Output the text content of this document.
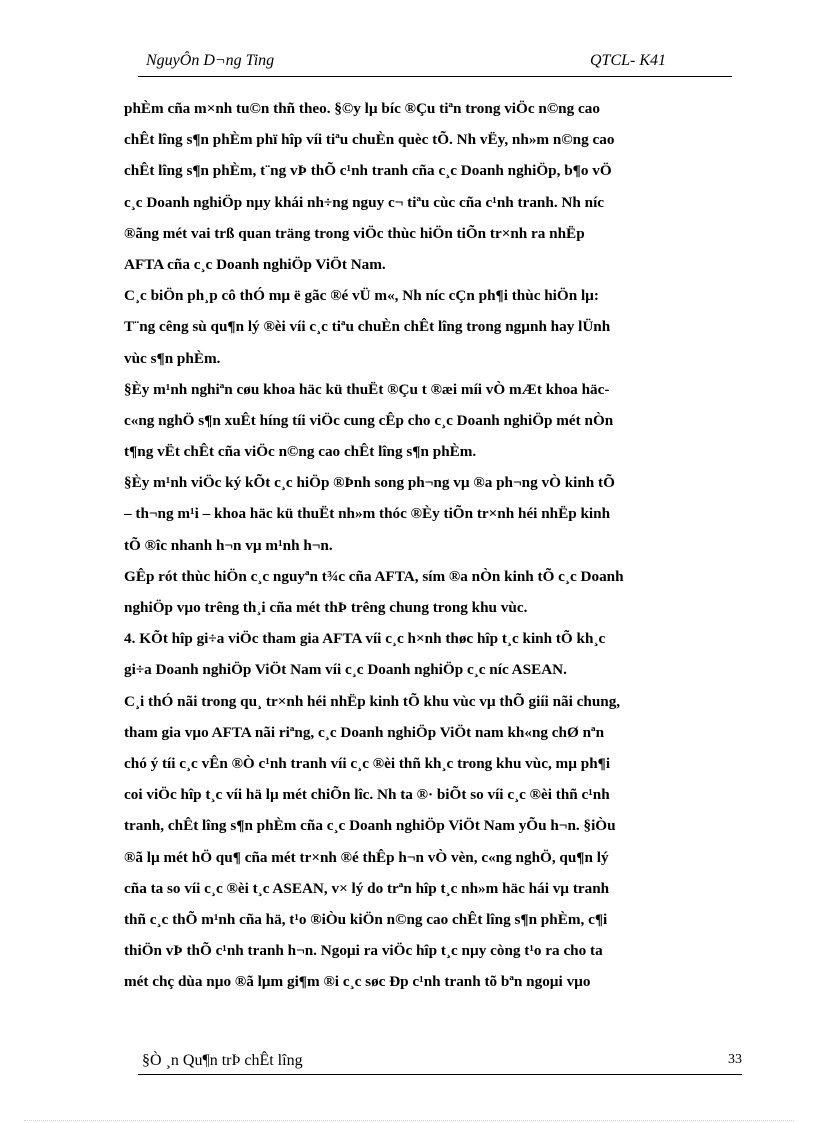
NguyÔn D¬ng Ting	QTCL- K41
phÈm cña m×nh tu©n thñ theo. §©y lµ bíc ®Çu tiªn trong viÖc n©ng cao
chÊt lîng s¶n phÈm phï hîp víi tiªu chuÈn quèc tÕ. Nh vËy, nh»m n©ng cao
chÊt lîng s¶n phÈm, t¨ng vÞ thÕ c¹nh tranh cña c¸c Doanh nghiÖp, b¶o vÖ
c¸c Doanh nghiÖp nµy khái nh÷ng nguy c¬ tiªu cùc cña c¹nh tranh. Nh níc
®ãng mét vai trß quan träng trong viÖc thùc hiÖn tiÕn tr×nh ra nhËp
AFTA cña c¸c Doanh nghiÖp ViÖt Nam.
C¸c biÖn ph¸p cô thÓ mµ ë gãc ®é vÜ m«, Nh níc cÇn ph¶i thùc hiÖn lµ:
T¨ng cêng sù qu¶n lý ®èi víi c¸c tiªu chuÈn chÊt lîng trong ngµnh hay lÜnh
vùc s¶n phÈm.
§Èy m¹nh nghiªn cøu khoa häc kü thuËt ®Çu t ®æi míi vÒ mÆt khoa häc-
c«ng nghÖ s¶n xuÊt híng tíi viÖc cung cÊp cho c¸c Doanh nghiÖp mét nÒn
t¶ng vËt chÊt cña viÖc n©ng cao chÊt lîng s¶n phÈm.
§Èy m¹nh viÖc ký kÕt c¸c hiÖp ®Þnh song ph¬ng vµ ®a ph¬ng vÒ kinh tÕ
– th¬ng m¹i – khoa häc kü thuËt nh»m thóc ®Èy tiÕn tr×nh héi nhËp kinh
tÕ ®îc nhanh h¬n vµ m¹nh h¬n.
GÊp rót thùc hiÖn c¸c nguyªn t¾c cña AFTA, sím ®a nÒn kinh tÕ c¸c Doanh
nghiÖp vµo trêng th¸i cña mét thÞ trêng chung trong khu vùc.
4. KÕt hîp gi÷a viÖc tham gia AFTA víi c¸c h×nh thøc hîp t¸c kinh tÕ kh¸c
gi÷a Doanh nghiÖp ViÖt Nam víi c¸c Doanh nghiÖp c¸c níc ASEAN.
C¸i thÓ nãi trong qu¸ tr×nh héi nhËp kinh tÕ khu vùc vµ thÕ giíi nãi chung,
tham gia vµo AFTA nãi riªng, c¸c Doanh nghiÖp ViÖt nam kh«ng chØ nªn
chó ý tíi c¸c vÊn ®Ò c¹nh tranh víi c¸c ®èi thñ kh¸c trong khu vùc, mµ ph¶i
coi viÖc hîp t¸c víi hä lµ mét chiÕn lîc. Nh ta ®· biÕt so víi c¸c ®èi thñ c¹nh
tranh, chÊt lîng s¶n phÈm cña c¸c Doanh nghiÖp ViÖt Nam yÕu h¬n. §iÒu
®ã lµ mét hÖ qu¶ cña mét tr×nh ®é thÊp h¬n vÒ vèn, c«ng nghÖ, qu¶n lý
cña ta so víi c¸c ®èi t¸c ASEAN, v× lý do trªn hîp t¸c nh»m häc hái vµ tranh
thñ c¸c thÕ m¹nh cña hä, t¹o ®iÒu kiÖn n©ng cao chÊt lîng s¶n phÈm, c¶i
thiÖn vÞ thÕ c¹nh tranh h¬n. Ngoµi ra viÖc hîp t¸c nµy còng t¹o ra cho ta
mét chç dùa nµo ®ã lµm gi¶m ®i c¸c søc Ðp c¹nh tranh tõ bªn ngoµi vµo
§Ò ¸n Qu¶n trÞ chÊt lîng	33
